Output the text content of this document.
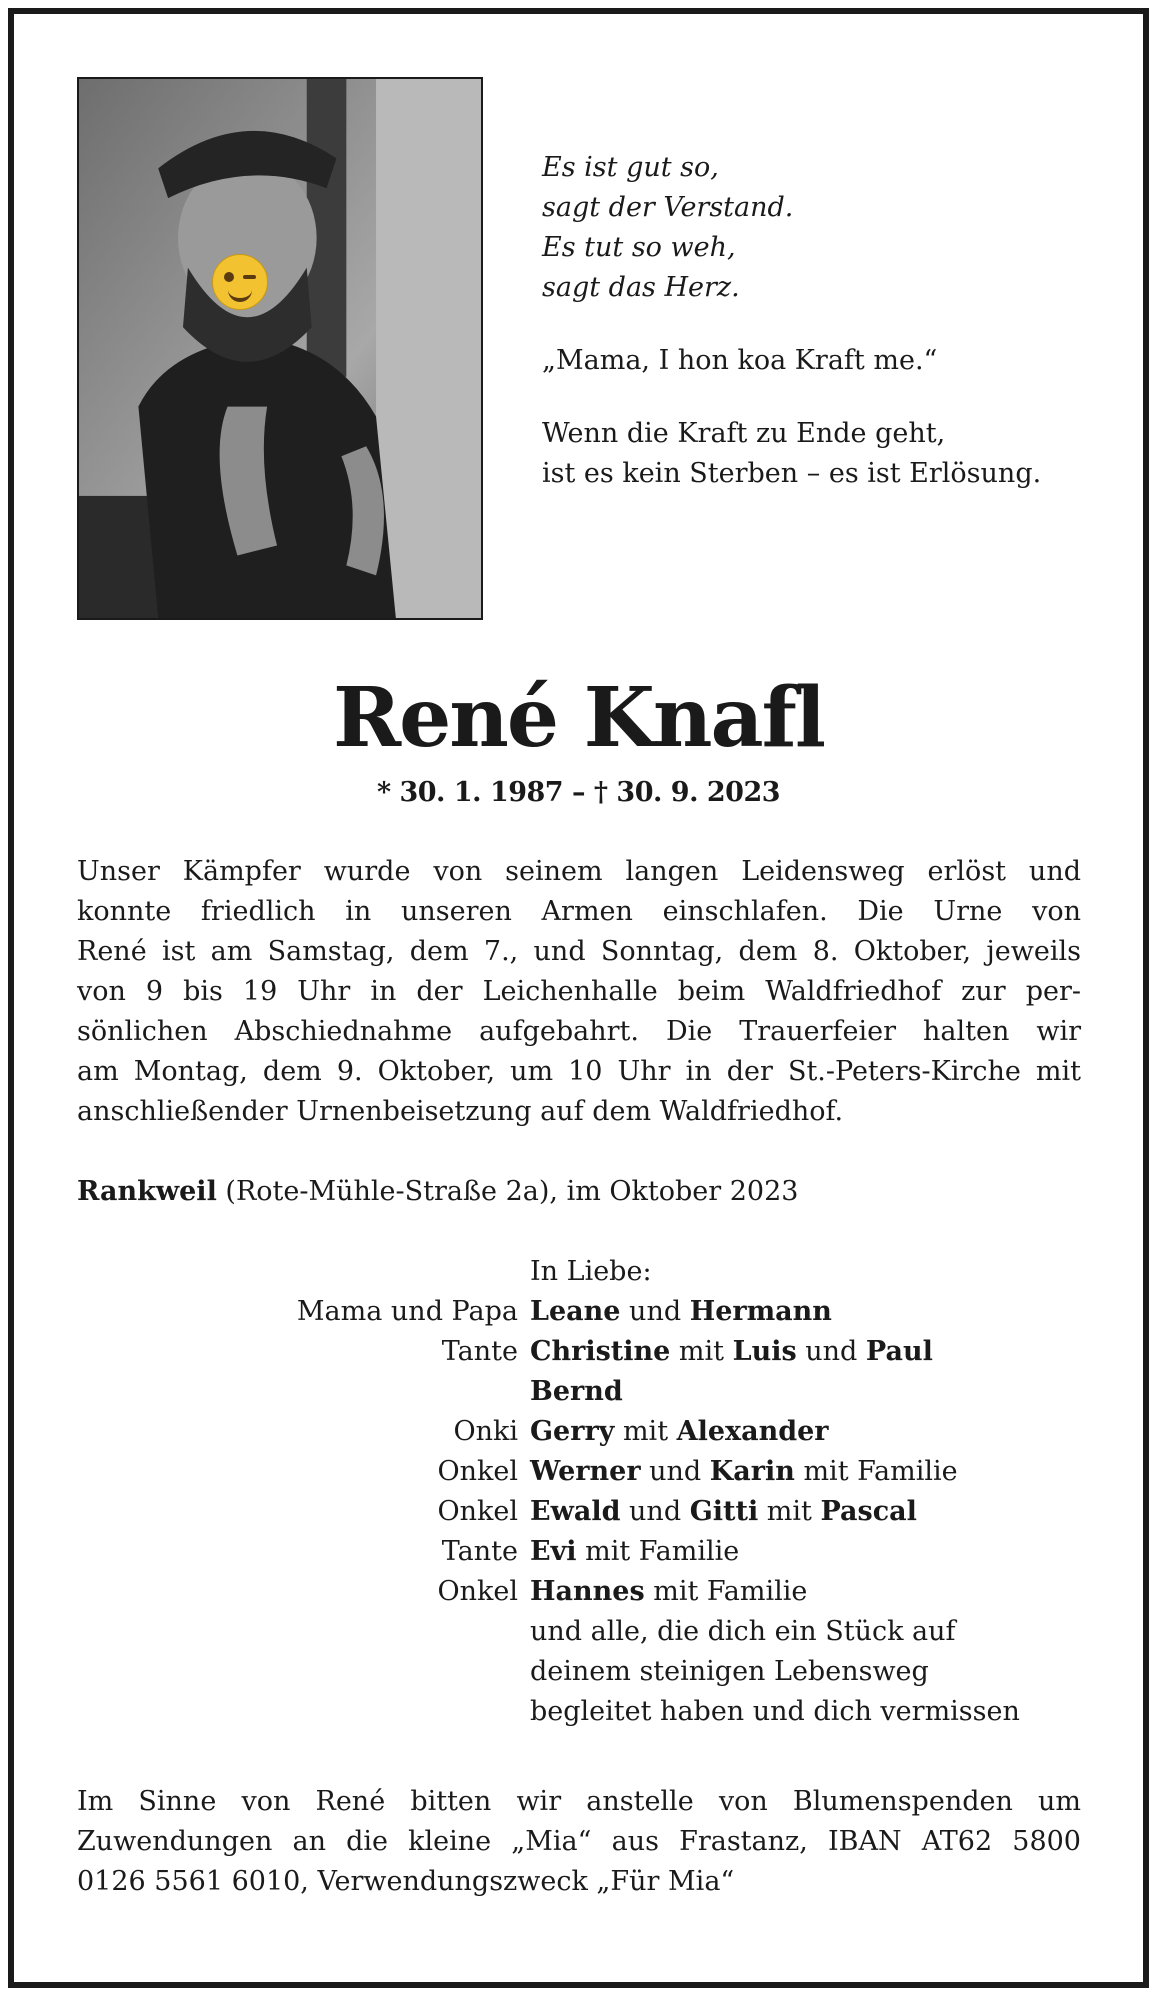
Es ist gut so,
sagt der Verstand.
Es tut so weh,
sagt das Herz.
„Mama, I hon koa Kraft me.“
Wenn die Kraft zu Ende geht,
ist es kein Sterben – es ist Erlösung.
René Knafl
* 30. 1. 1987 – † 30. 9. 2023
Unser Kämpfer wurde von seinem langen Leidensweg erlöst und
konnte friedlich in unseren Armen einschlafen. Die Urne von
René ist am Samstag, dem 7., und Sonntag, dem 8. Oktober, jeweils
von 9 bis 19 Uhr in der Leichenhalle beim Waldfriedhof zur per-
sönlichen Abschiednahme aufgebahrt. Die Trauerfeier halten wir
am Montag, dem 9. Oktober, um 10 Uhr in der St.-Peters-Kirche mit
anschließender Urnenbeisetzung auf dem Waldfriedhof.
Rankweil (Rote-Mühle-Straße 2a), im Oktober 2023
In Liebe:
Mama und Papa Leane und Hermann
Tante Christine mit Luis und Paul
Bernd
Onki Gerry mit Alexander
Onkel Werner und Karin mit Familie
Onkel Ewald und Gitti mit Pascal
Tante Evi mit Familie
Onkel Hannes mit Familie
und alle, die dich ein Stück auf
deinem steinigen Lebensweg
begleitet haben und dich vermissen
Im Sinne von René bitten wir anstelle von Blumenspenden um
Zuwendungen an die kleine „Mia“ aus Frastanz, IBAN AT62 5800
0126 5561 6010, Verwendungszweck „Für Mia“
